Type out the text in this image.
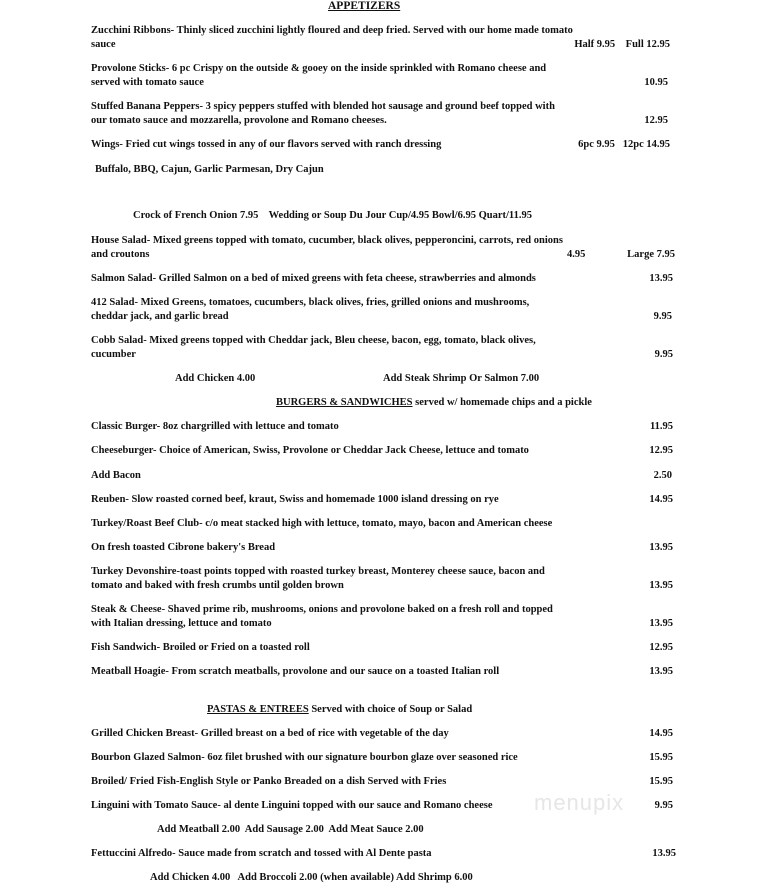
APPETIZERS
Zucchini Ribbons- Thinly sliced zucchini lightly floured and deep fried. Served with our home made tomato
sauce	Half 9.95    Full 12.95
Provolone Sticks- 6 pc Crispy on the outside & gooey on the inside sprinkled with Romano cheese and
served with tomato sauce	10.95
Stuffed Banana Peppers- 3 spicy peppers stuffed with blended hot sausage and ground beef topped with
our tomato sauce and mozzarella, provolone and Romano cheeses.	12.95
Wings- Fried cut wings tossed in any of our flavors served with ranch dressing	6pc 9.95   12pc 14.95
Buffalo, BBQ, Cajun, Garlic Parmesan, Dry Cajun
Crock of French Onion 7.95    Wedding or Soup Du Jour Cup/4.95 Bowl/6.95 Quart/11.95
House Salad- Mixed greens topped with tomato, cucumber, black olives, pepperoncini, carrots, red onions
and croutons	4.95	Large 7.95
Salmon Salad- Grilled Salmon on a bed of mixed greens with feta cheese, strawberries and almonds	13.95
412 Salad- Mixed Greens, tomatoes, cucumbers, black olives, fries, grilled onions and mushrooms,
cheddar jack, and garlic bread	9.95
Cobb Salad- Mixed greens topped with Cheddar jack, Bleu cheese, bacon, egg, tomato, black olives,
cucumber	9.95
Add Chicken 4.00	Add Steak Shrimp Or Salmon 7.00
BURGERS & SANDWICHES served w/ homemade chips and a pickle
Classic Burger- 8oz chargrilled with lettuce and tomato	11.95
Cheeseburger- Choice of American, Swiss, Provolone or Cheddar Jack Cheese, lettuce and tomato	12.95
Add Bacon	2.50
Reuben- Slow roasted corned beef, kraut, Swiss and homemade 1000 island dressing on rye	14.95
Turkey/Roast Beef Club- c/o meat stacked high with lettuce, tomato, mayo, bacon and American cheese
On fresh toasted Cibrone bakery's Bread	13.95
Turkey Devonshire-toast points topped with roasted turkey breast, Monterey cheese sauce, bacon and
tomato and baked with fresh crumbs until golden brown	13.95
Steak & Cheese- Shaved prime rib, mushrooms, onions and provolone baked on a fresh roll and topped
with Italian dressing, lettuce and tomato	13.95
Fish Sandwich- Broiled or Fried on a toasted roll	12.95
Meatball Hoagie- From scratch meatballs, provolone and our sauce on a toasted Italian roll	13.95
PASTAS & ENTREES Served with choice of Soup or Salad
Grilled Chicken Breast- Grilled breast on a bed of rice with vegetable of the day	14.95
Bourbon Glazed Salmon- 6oz filet brushed with our signature bourbon glaze over seasoned rice	15.95
Broiled/ Fried Fish-English Style or Panko Breaded on a dish Served with Fries	15.95
menupix
Linguini with Tomato Sauce- al dente Linguini topped with our sauce and Romano cheese	9.95
Add Meatball 2.00  Add Sausage 2.00  Add Meat Sauce 2.00
Fettuccini Alfredo- Sauce made from scratch and tossed with Al Dente pasta	13.95
Add Chicken 4.00   Add Broccoli 2.00 (when available) Add Shrimp 6.00
